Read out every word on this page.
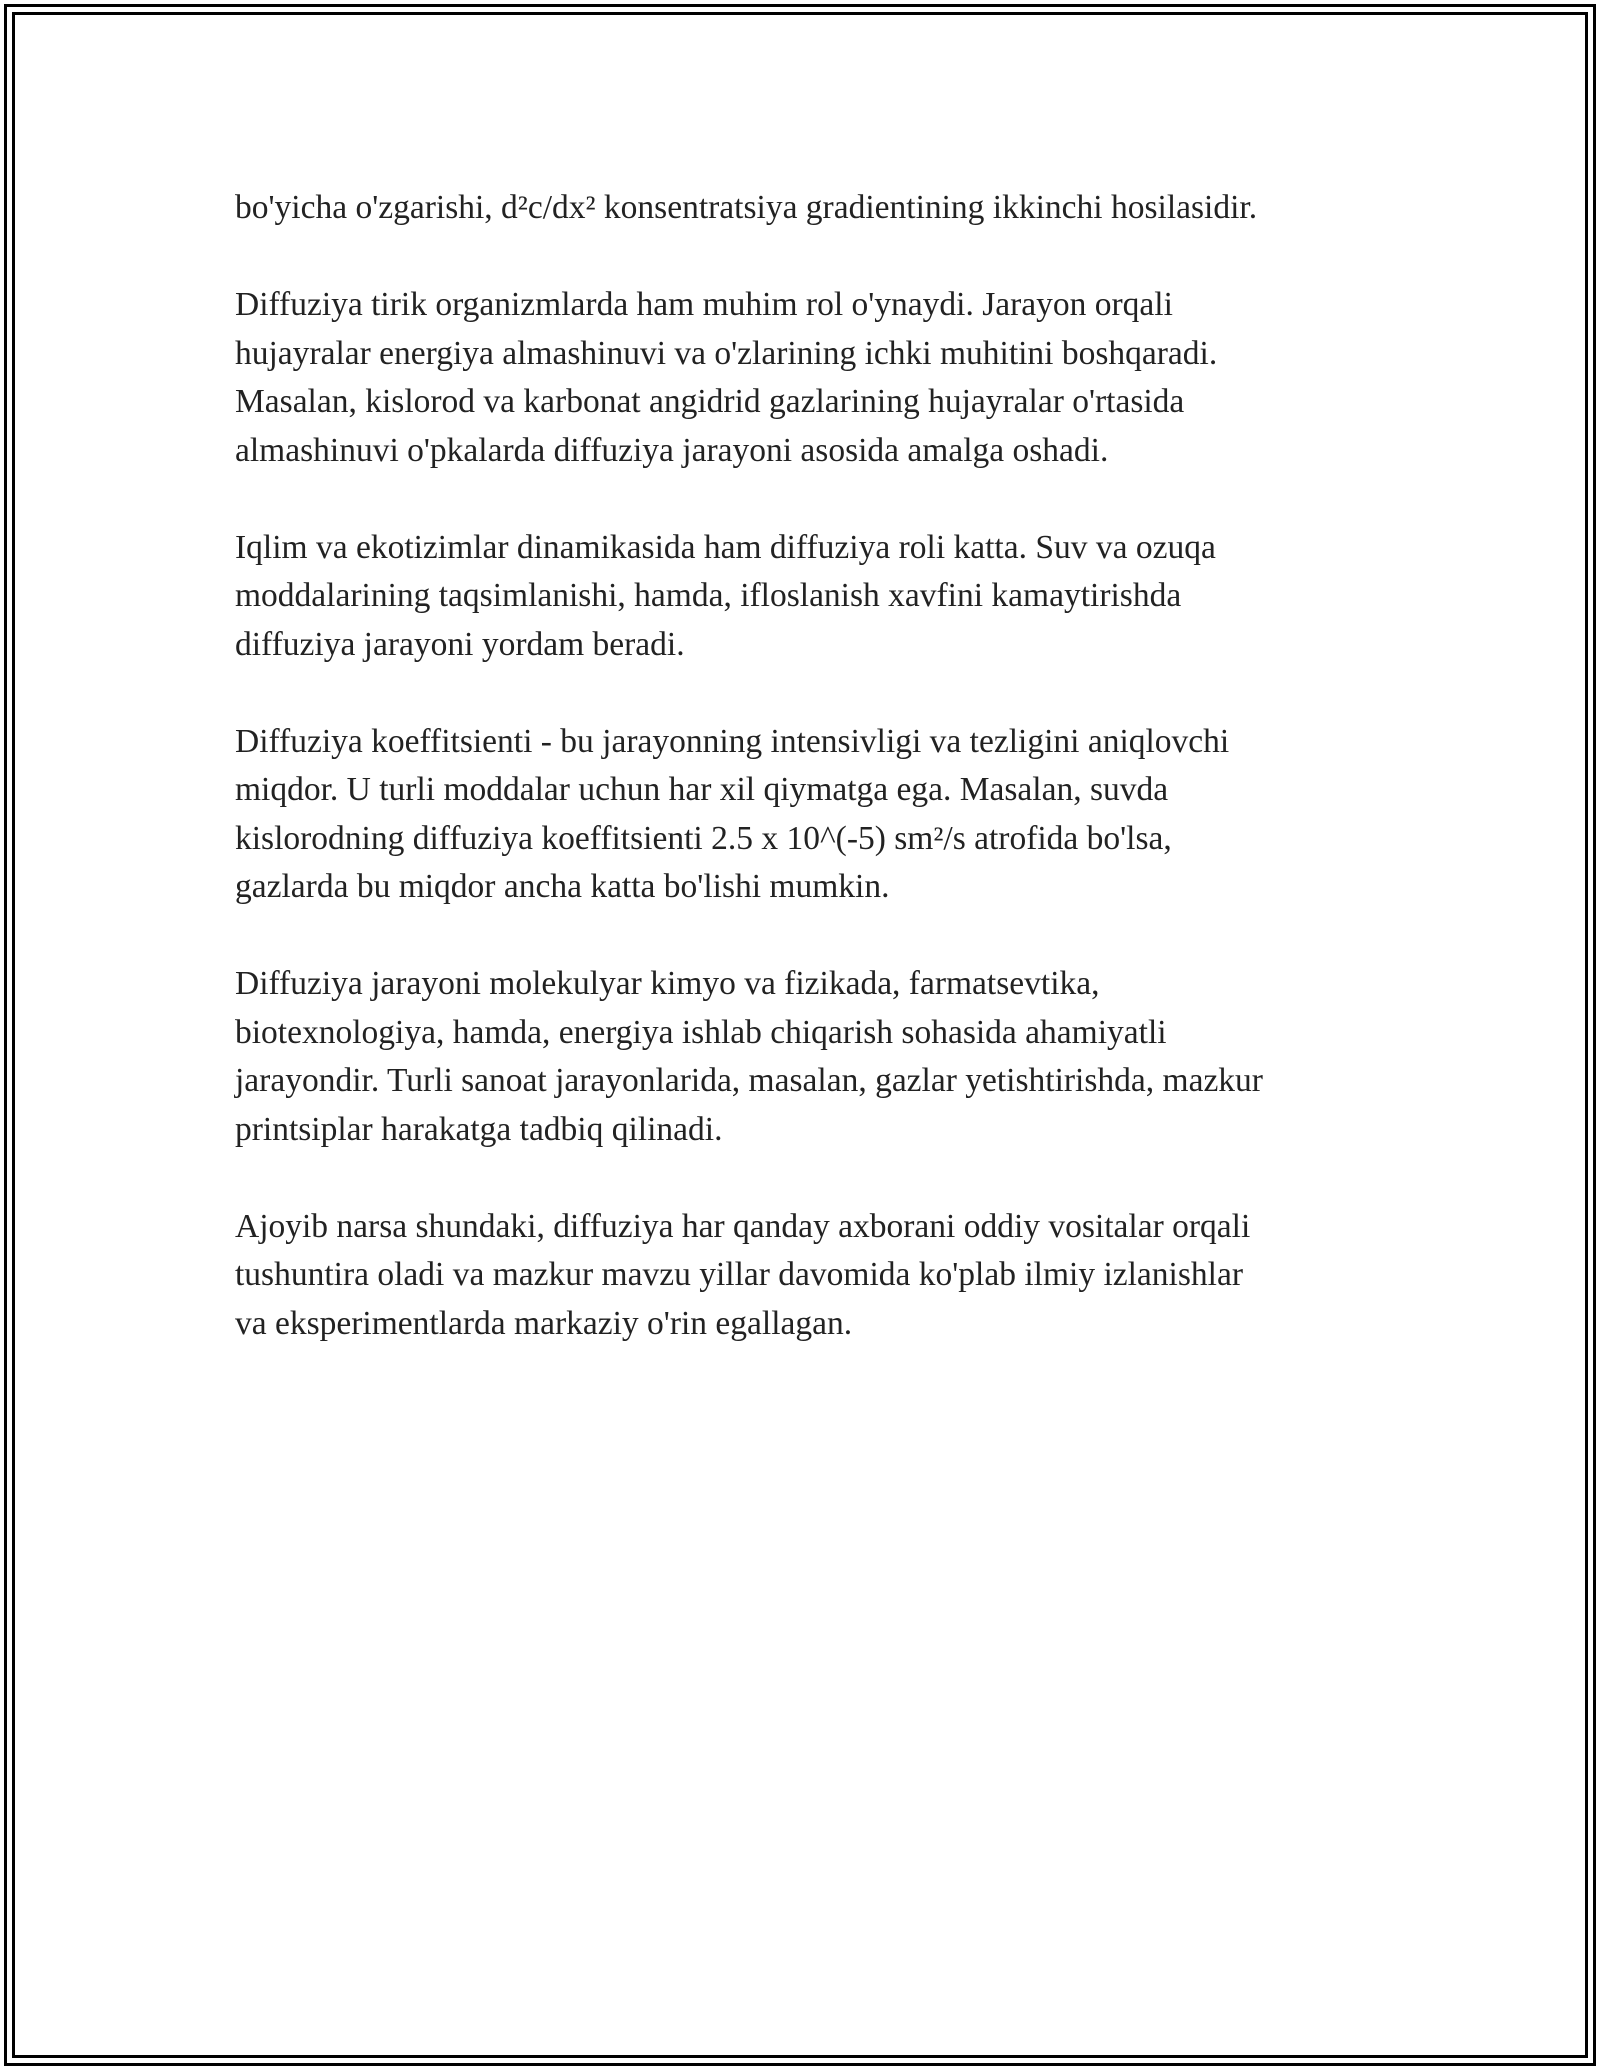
bo'yicha o'zgarishi, d²c/dx² konsentratsiya gradientining ikkinchi hosilasidir.

Diffuziya tirik organizmlarda ham muhim rol o'ynaydi. Jarayon orqali
hujayralar energiya almashinuvi va o'zlarining ichki muhitini boshqaradi.
Masalan, kislorod va karbonat angidrid gazlarining hujayralar o'rtasida
almashinuvi o'pkalarda diffuziya jarayoni asosida amalga oshadi.

Iqlim va ekotizimlar dinamikasida ham diffuziya roli katta. Suv va ozuqa
moddalarining taqsimlanishi, hamda, ifloslanish xavfini kamaytirishda
diffuziya jarayoni yordam beradi.

Diffuziya koeffitsienti - bu jarayonning intensivligi va tezligini aniqlovchi
miqdor. U turli moddalar uchun har xil qiymatga ega. Masalan, suvda
kislorodning diffuziya koeffitsienti 2.5 x 10^(-5) sm²/s atrofida bo'lsa,
gazlarda bu miqdor ancha katta bo'lishi mumkin.

Diffuziya jarayoni molekulyar kimyo va fizikada, farmatsevtika,
biotexnologiya, hamda, energiya ishlab chiqarish sohasida ahamiyatli
jarayondir. Turli sanoat jarayonlarida, masalan, gazlar yetishtirishda, mazkur
printsiplar harakatga tadbiq qilinadi.

Ajoyib narsa shundaki, diffuziya har qanday axborani oddiy vositalar orqali
tushuntira oladi va mazkur mavzu yillar davomida ko'plab ilmiy izlanishlar
va eksperimentlarda markaziy o'rin egallagan.
